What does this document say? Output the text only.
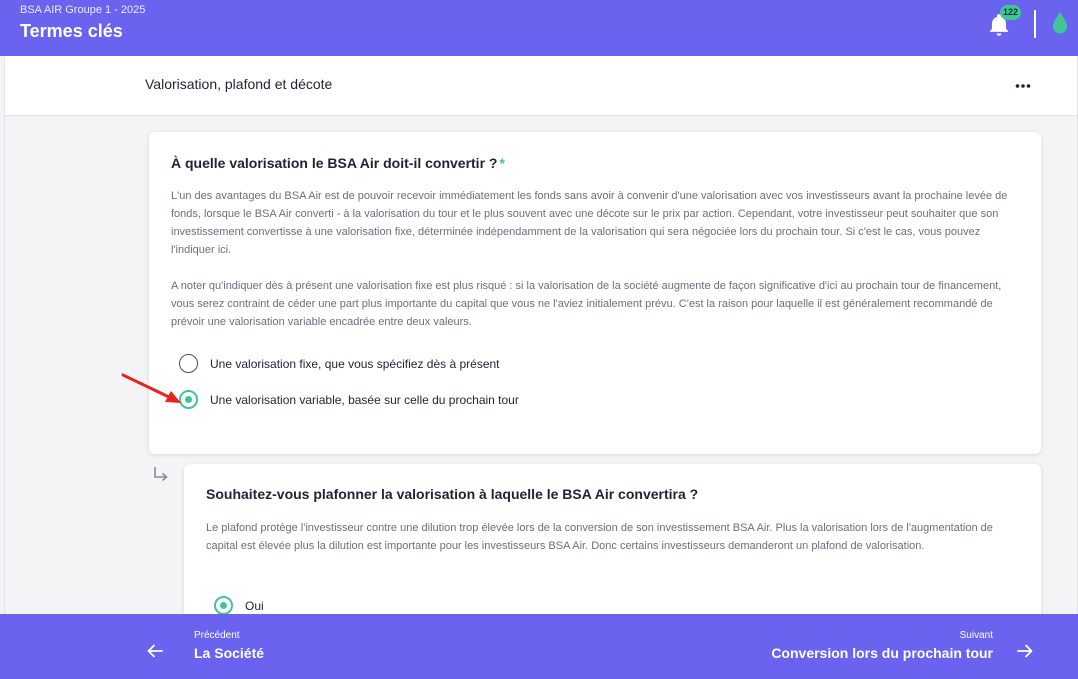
BSA AIR Groupe 1 - 2025
Termes clés
122
Valorisation, plafond et décote
À quelle valorisation le BSA Air doit-il convertir ? *
L'un des avantages du BSA Air est de pouvoir recevoir immédiatement les fonds sans avoir à convenir d'une valorisation avec vos investisseurs avant la prochaine levée de fonds, lorsque le BSA Air converti - à la valorisation du tour et le plus souvent avec une décote sur le prix par action. Cependant, votre investisseur peut souhaiter que son investissement convertisse à une valorisation fixe, déterminée indépendamment de la valorisation qui sera négociée lors du prochain tour. Si c'est le cas, vous pouvez l'indiquer ici.
A noter qu'indiquer dès à présent une valorisation fixe est plus risqué : si la valorisation de la société augmente de façon significative d'ici au prochain tour de financement, vous serez contraint de céder une part plus importante du capital que vous ne l'aviez initialement prévu. C'est la raison pour laquelle il est généralement recommandé de prévoir une valorisation variable encadrée entre deux valeurs.
Une valorisation fixe, que vous spécifiez dès à présent
Une valorisation variable, basée sur celle du prochain tour
Souhaitez-vous plafonner la valorisation à laquelle le BSA Air convertira ?
Le plafond protège l'investisseur contre une dilution trop élevée lors de la conversion de son investissement BSA Air. Plus la valorisation lors de l'augmentation de capital est élevée plus la dilution est importante pour les investisseurs BSA Air. Donc certains investisseurs demanderont un plafond de valorisation.
Oui
Précédent
La Société
Suivant
Conversion lors du prochain tour
